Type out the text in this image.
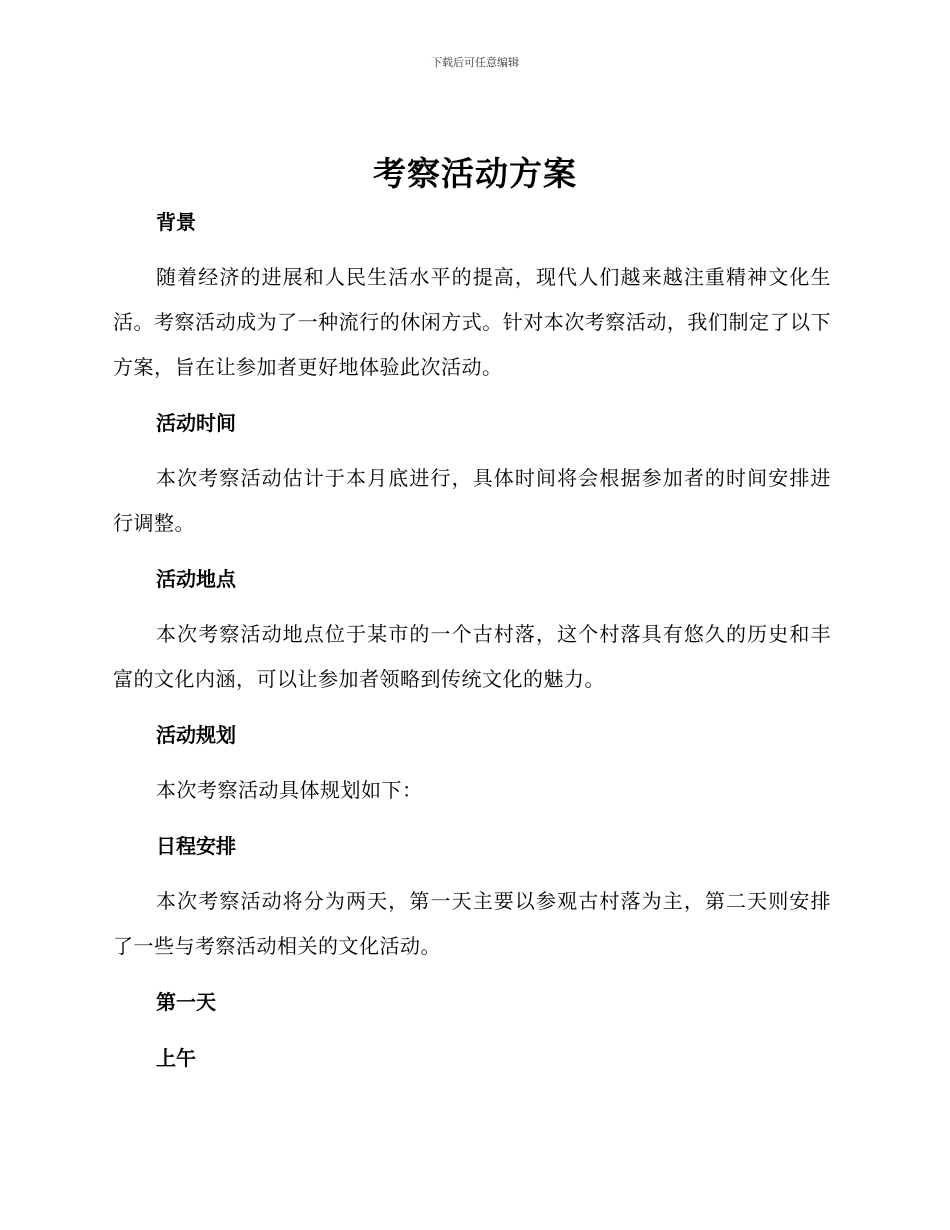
下载后可任意编辑
考察活动方案
背景
随着经济的进展和人民生活水平的提高，现代人们越来越注重精神文化生活。考察活动成为了一种流行的休闲方式。针对本次考察活动，我们制定了以下方案，旨在让参加者更好地体验此次活动。
活动时间
本次考察活动估计于本月底进行，具体时间将会根据参加者的时间安排进行调整。
活动地点
本次考察活动地点位于某市的一个古村落，这个村落具有悠久的历史和丰富的文化内涵，可以让参加者领略到传统文化的魅力。
活动规划
本次考察活动具体规划如下：
日程安排
本次考察活动将分为两天，第一天主要以参观古村落为主，第二天则安排了一些与考察活动相关的文化活动。
第一天
上午
